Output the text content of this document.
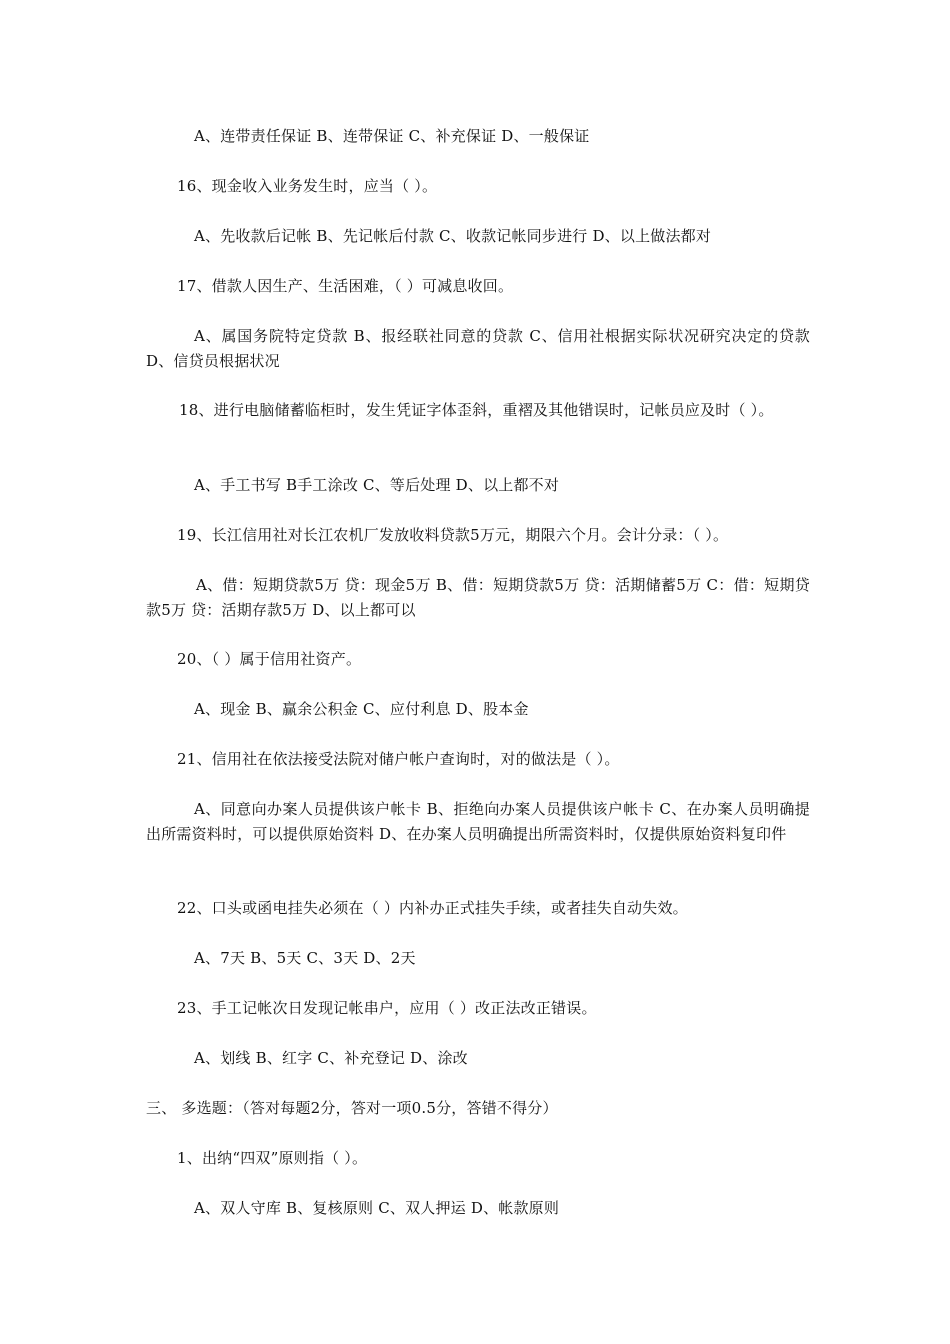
A、连带责任保证 B、连带保证 C、补充保证 D、一般保证

16、现金收入业务发生时，应当（ ）。

A、先收款后记帐 B、先记帐后付款 C、收款记帐同步进行 D、以上做法都对

17、借款人因生产、生活困难，（ ）可减息收回。

A、属国务院特定贷款 B、报经联社同意的贷款 C、信用社根据实际状况研究决定的贷款 D、信贷员根据状况

18、进行电脑储蓄临柜时，发生凭证字体歪斜，重褶及其他错误时，记帐员应及时（ ）。

A、手工书写 B手工涂改 C、等后处理 D、以上都不对

19、长江信用社对长江农机厂发放收料贷款5万元，期限六个月。会计分录：（ ）。

A、借：短期贷款5万 贷：现金5万 B、借：短期贷款5万 贷：活期储蓄5万 C：借：短期贷款5万 贷：活期存款5万 D、以上都可以

20、（ ）属于信用社资产。

A、现金 B、赢余公积金 C、应付利息 D、股本金

21、信用社在依法接受法院对储户帐户查询时，对的做法是（ ）。

A、同意向办案人员提供该户帐卡 B、拒绝向办案人员提供该户帐卡 C、在办案人员明确提出所需资料时，可以提供原始资料 D、在办案人员明确提出所需资料时，仅提供原始资料复印件

22、口头或函电挂失必须在（ ）内补办正式挂失手续，或者挂失自动失效。

A、7天 B、5天 C、3天 D、2天

23、手工记帐次日发现记帐串户，应用（ ）改正法改正错误。

A、划线 B、红字 C、补充登记 D、涂改

三、 多选题：（答对每题2分，答对一项0.5分，答错不得分）

1、出纳“四双”原则指（ ）。

A、双人守库 B、复核原则 C、双人押运 D、帐款原则
